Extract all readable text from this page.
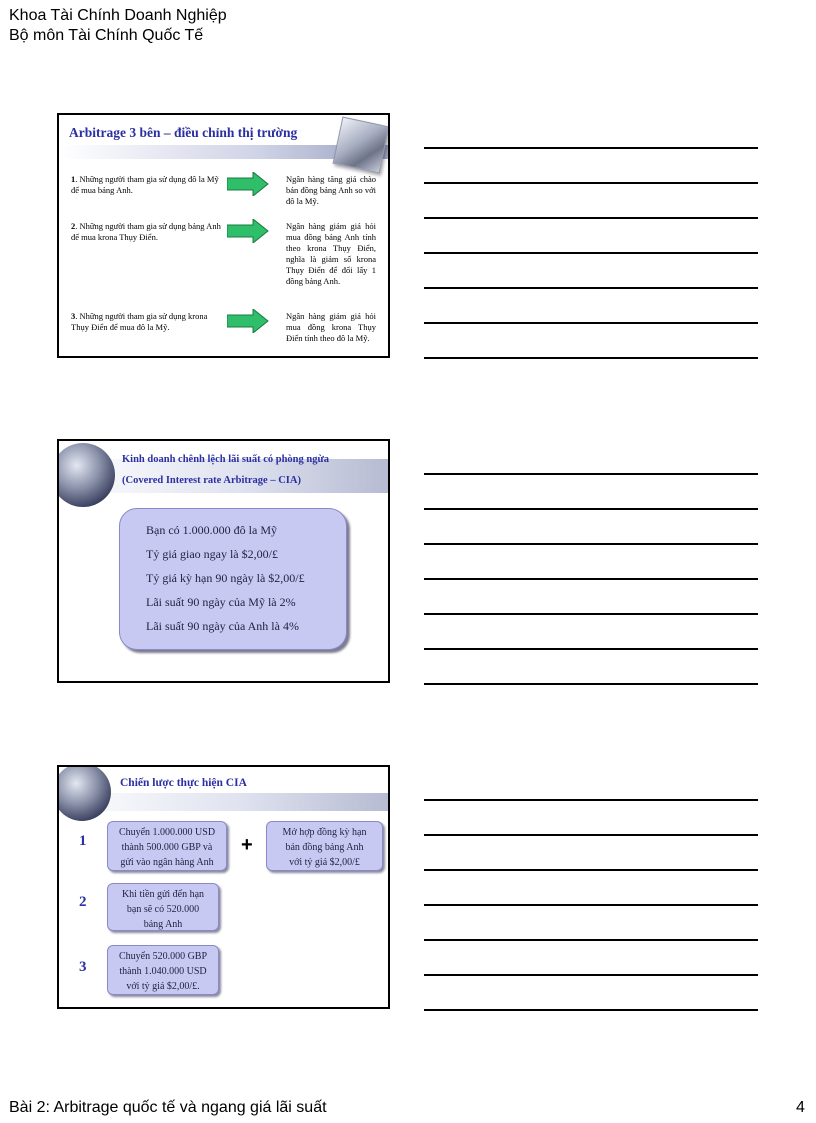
Khoa Tài Chính Doanh Nghiệp
Bộ môn Tài Chính Quốc Tế
Arbitrage 3 bên – điều chỉnh thị trường
1. Những người tham gia sử dụng đô la Mỹ để mua bảng Anh.
Ngân hàng tăng giá chào bán đồng bảng Anh so với đô la Mỹ.
2. Những người tham gia sử dụng bảng Anh để mua krona Thụy Điển.
Ngân hàng giảm giá hỏi mua đồng bảng Anh tính theo krona Thụy Điển, nghĩa là giảm số krona Thụy Điển để đổi lấy 1 đồng bảng Anh.
3. Những người tham gia sử dụng krona Thụy Điển để mua đô la Mỹ.
Ngân hàng giảm giá hỏi mua đồng krona Thụy Điển tính theo đô la Mỹ.
Kinh doanh chênh lệch lãi suất có phòng ngừa
(Covered Interest rate Arbitrage – CIA)
Bạn có 1.000.000 đô la Mỹ
Tỷ giá giao ngay là $2,00/£
Tỷ giá kỳ hạn 90 ngày là $2,00/£
Lãi suất 90 ngày của Mỹ là 2%
Lãi suất 90 ngày của Anh là 4%
Chiến lược thực hiện CIA
1
Chuyển 1.000.000 USD
thành 500.000 GBP và
gửi vào ngân hàng Anh
+
Mở hợp đồng kỳ hạn
bán đồng bảng Anh
với tỷ giá $2,00/£
2	Khi tiền gửi đến hạn
bạn sẽ có 520.000
bảng Anh
3
Chuyển 520.000 GBP
thành 1.040.000 USD
với tỷ giá $2,00/£.
Bài 2: Arbitrage quốc tế và ngang giá lãi suất	4
